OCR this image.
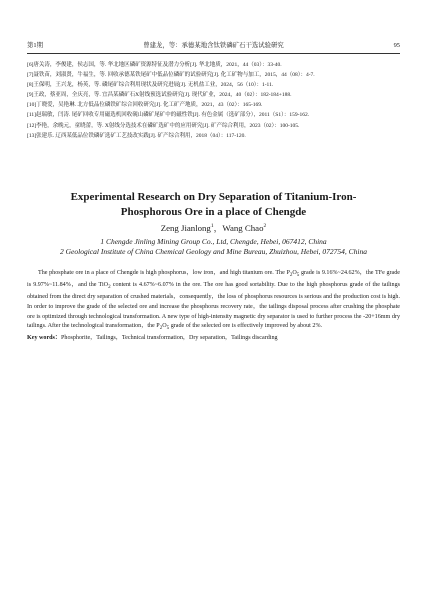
第1期	曾建龙，等：承德某地含钛铁磷矿石干选试验研究	95
[6]唐关涛，李俊建，侯志国，等. 华北地区磷矿资源特征及潜力分析[J]. 华北地质，2021，44（03）：33-40.
[7]聂铁苗，刘淑贤，牛福生，等. 回收承德某铁尾矿中低品位磷矿的试验研究[J]. 化工矿物与加工，2015，44（08）：4-7.
[8]王保明，王兴龙，杨英，等. 磷尾矿综合利用现状及研究进展[J]. 无机盐工业，2024，56（10）：1-11.
[9]王政，蔡亚周，全庆亮，等. 宜昌某磷矿石X射线预选试验研究[J]. 现代矿业，2024，40（02）：182-184+188.
[10]丁晓爱，吴艳琳. 北方低品位磷铁矿综合回收研究[J]. 化工矿产地质，2021，43（02）：165-169.
[11]赵瑞敏，闫涛. 尾矿回收专用磁选机回收砚山磷矿尾矿中的磁性铁[J]. 有色金属（选矿部分），2011（S1）：159-162.
[12]李艳，余晚元，童晓蕾，等. X射线分选技术在磷矿选矿中的应用研究[J]. 矿产综合利用，2023（02）：100-105.
[13]张建乐. 辽西某低品位铁磷矿选矿工艺技改实践[J]. 矿产综合利用，2018（04）：117-120.
Experimental Research on Dry Separation of Titanium-Iron-Phosphorous Ore in a place of Chengde
Zeng Jianlong$^1$，Wang Chao$^2$
1 Chengde Jinling Mining Group Co., Ltd, Chengde, Hebei, 067412, China
2 Geological Institute of China Chemical Geology and Mine Bureau, Zhuizhou, Hebei, 072754, China

The phosphate ore in a place of Chengde is high phosphorus，low iron，and high titanium ore. The $P_2O_5$ grade is 9.16%~24.62%，the TFe grade is 9.97%~11.84%，and the TiO$_2$ content is 4.67%~6.07% in the ore. The ore has good sortability. Due to the high phosphorus grade of the tailings obtained from the direct dry separation of crushed materials，consequently，the loss of phosphorus resources is serious and the production cost is high. In order to improve the grade of the selected ore and increase the phosphorus recovery rate，the tailings disposal process after crushing the phosphate ore is optimized through technological transformation. A new type of high-intensity magnetic dry separator is used to further process the -20+16mm dry tailings. After the technological transformation，the $P_2O_5$ grade of the selected ore is effectively improved by about 2%.

Key words：Phosphorite，Tailings，Technical transformation，Dry separation，Tailings discarding
